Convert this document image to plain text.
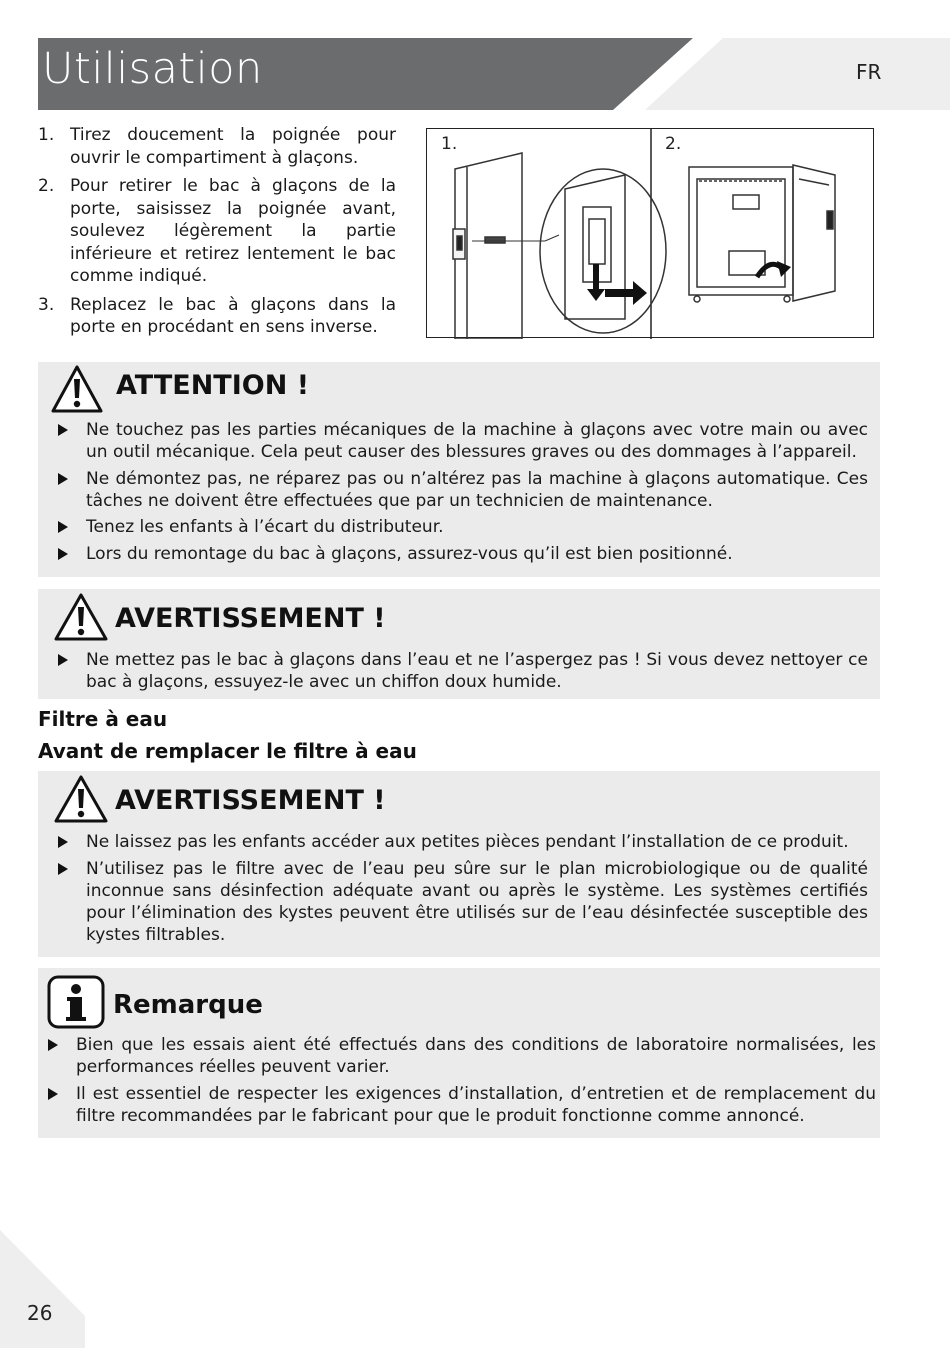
Utilisation	FR
1. Tirez doucement la poignée pour ouvrir le compartiment à glaçons.
2. Pour retirer le bac à glaçons de la porte, saisissez la poignée avant, soulevez légèrement la partie inférieure et retirez lentement le bac comme indiqué.
3. Replacez le bac à glaçons dans la porte en procédant en sens inverse.
1.	2.
ATTENTION !
Ne touchez pas les parties mécaniques de la machine à glaçons avec votre main ou avec un outil mécanique. Cela peut causer des blessures graves ou des dommages à l’appareil.
Ne démontez pas, ne réparez pas ou n’altérez pas la machine à glaçons automatique. Ces tâches ne doivent être effectuées que par un technicien de maintenance.
Tenez les enfants à l’écart du distributeur.
Lors du remontage du bac à glaçons, assurez-vous qu’il est bien positionné.
AVERTISSEMENT !
Ne mettez pas le bac à glaçons dans l’eau et ne l’aspergez pas ! Si vous devez nettoyer ce bac à glaçons, essuyez-le avec un chiffon doux humide.
Filtre à eau
Avant de remplacer le filtre à eau
AVERTISSEMENT !
Ne laissez pas les enfants accéder aux petites pièces pendant l’installation de ce produit.
N’utilisez pas le filtre avec de l’eau peu sûre sur le plan microbiologique ou de qualité inconnue sans désinfection adéquate avant ou après le système. Les systèmes certifiés pour l’élimination des kystes peuvent être utilisés sur de l’eau désinfectée susceptible des kystes filtrables.
Remarque
Bien que les essais aient été effectués dans des conditions de laboratoire normalisées, les performances réelles peuvent varier.
Il est essentiel de respecter les exigences d’installation, d’entretien et de remplacement du filtre recommandées par le fabricant pour que le produit fonctionne comme annoncé.
26
